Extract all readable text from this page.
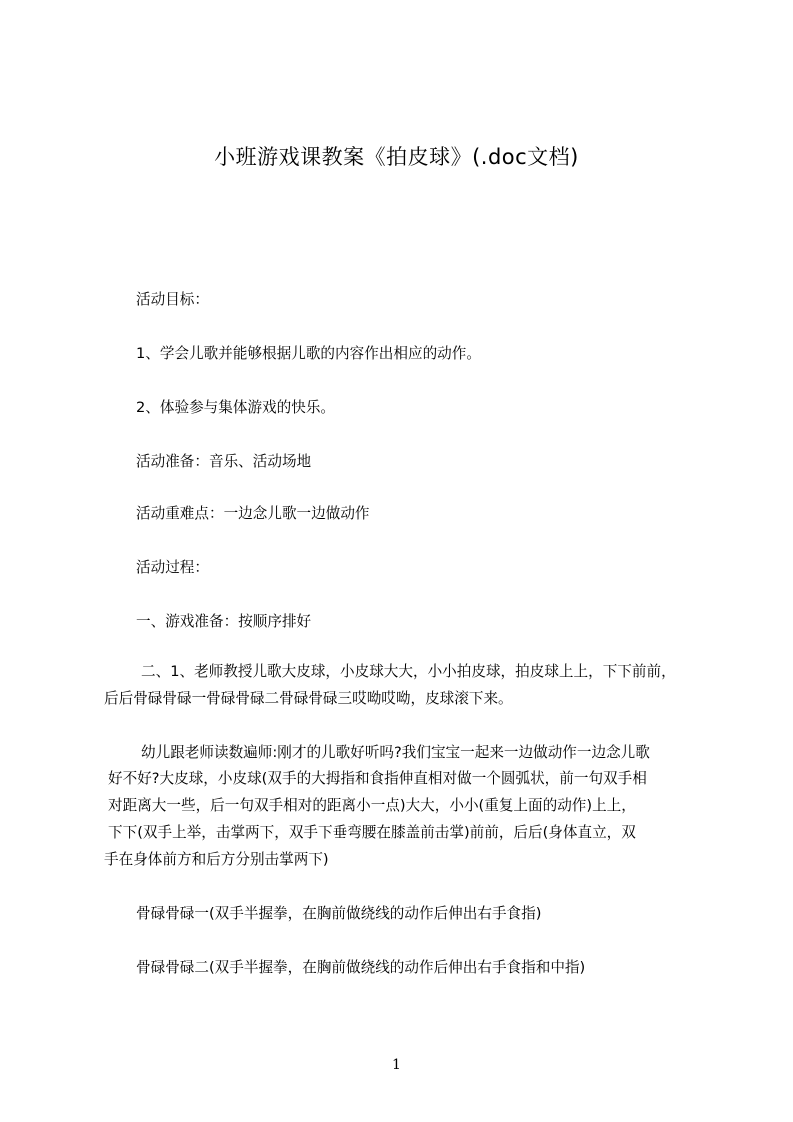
小班游戏课教案《拍皮球》(.doc文档)
活动目标：
1、学会儿歌并能够根据儿歌的内容作出相应的动作。
2、体验参与集体游戏的快乐。
活动准备：音乐、活动场地
活动重难点：一边念儿歌一边做动作
活动过程：
一、游戏准备：按顺序排好
二、1、老师教授儿歌大皮球，小皮球大大，小小拍皮球，拍皮球上上，下下前前，
后后骨碌骨碌一骨碌骨碌二骨碌骨碌三哎呦哎呦，皮球滚下来。
幼儿跟老师读数遍师:刚才的儿歌好听吗?我们宝宝一起来一边做动作一边念儿歌
好不好?大皮球，小皮球(双手的大拇指和食指伸直相对做一个圆弧状，前一句双手相
对距离大一些，后一句双手相对的距离小一点)大大，小小(重复上面的动作)上上，
下下(双手上举，击掌两下，双手下垂弯腰在膝盖前击掌)前前，后后(身体直立，双
手在身体前方和后方分别击掌两下)
骨碌骨碌一(双手半握拳，在胸前做绕线的动作后伸出右手食指)
骨碌骨碌二(双手半握拳，在胸前做绕线的动作后伸出右手食指和中指)
1
